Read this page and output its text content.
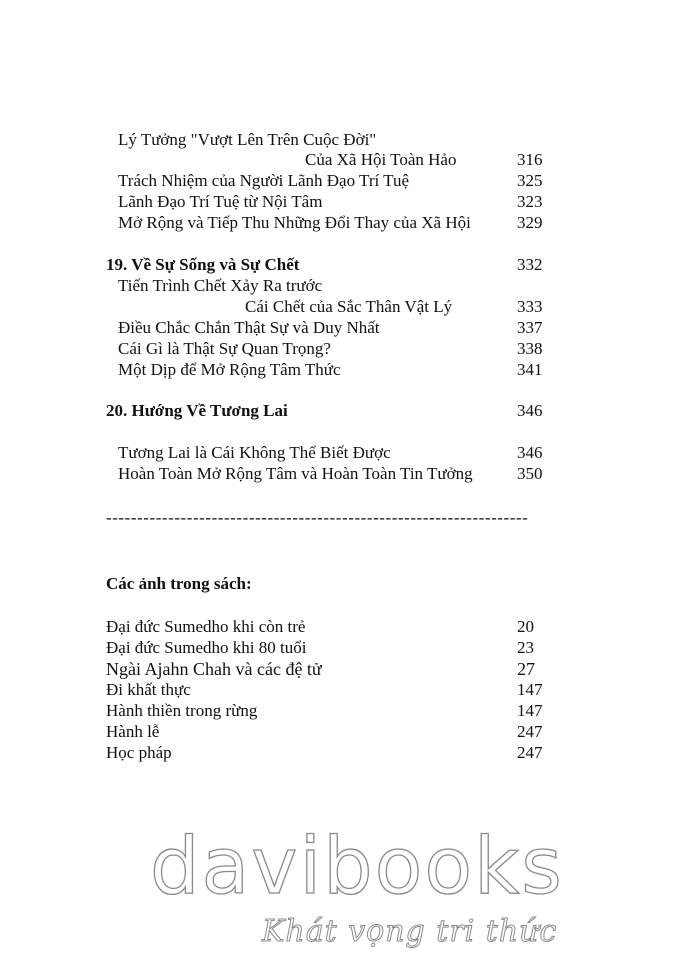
Lý Tưởng "Vượt Lên Trên Cuộc Đời"
Của Xã Hội Toàn Hảo	316
Trách Nhiệm của Người Lãnh Đạo Trí Tuệ	325
Lãnh Đạo Trí Tuệ từ Nội Tâm	323
Mở Rộng và Tiếp Thu Những Đổi Thay của Xã Hội	329
19. Về Sự Sống và Sự Chết	332
Tiến Trình Chết Xảy Ra trước
Cái Chết của Sắc Thân Vật Lý	333
Điều Chắc Chắn Thật Sự và Duy Nhất	337
Cái Gì là Thật Sự Quan Trọng?	338
Một Dịp để Mở Rộng Tâm Thức	341
20. Hướng Về Tương Lai	346
Tương Lai là Cái Không Thể Biết Được	346
Hoàn Toàn Mở Rộng Tâm và Hoàn Toàn Tin Tưởng	350
--------------------------------------------------------------------
Các ảnh trong sách:
Đại đức Sumedho khi còn trẻ	20
Đại đức Sumedho khi 80 tuổi	23
Ngài Ajahn Chah và các đệ tử	27
Đi khất thực	147
Hành thiền trong rừng	147
Hành lễ	247
Học pháp	247
davibooks
Khát vọng tri thức
